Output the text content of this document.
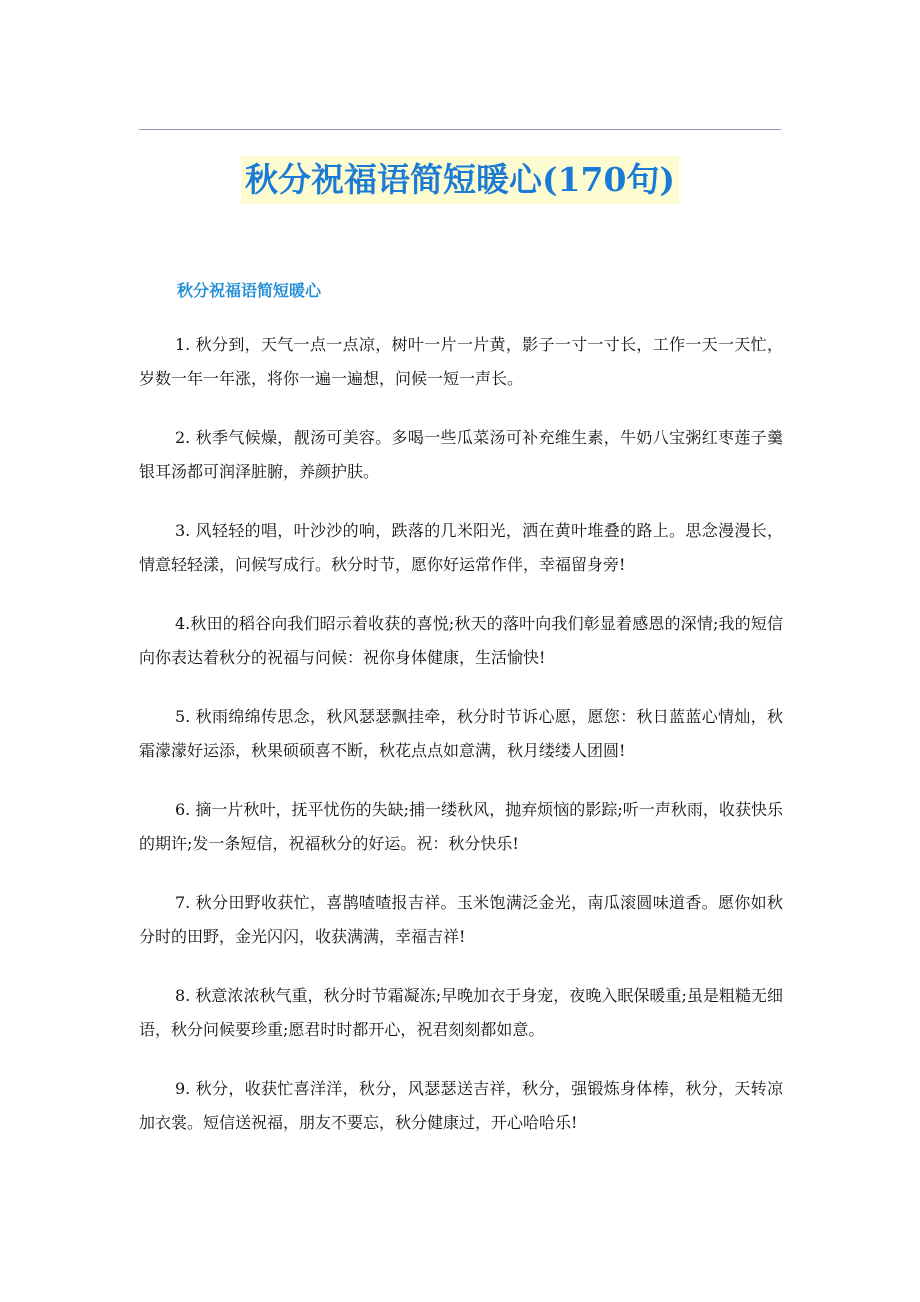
秋分祝福语简短暖心(170句)
秋分祝福语简短暖心

1. 秋分到，天气一点一点凉，树叶一片一片黄，影子一寸一寸长，工作一天一天忙，岁数一年一年涨，将你一遍一遍想，问候一短一声长。

2. 秋季气候燥，靓汤可美容。多喝一些瓜菜汤可补充维生素，牛奶八宝粥红枣莲子羹银耳汤都可润泽脏腑，养颜护肤。

3. 风轻轻的唱，叶沙沙的响，跌落的几米阳光，洒在黄叶堆叠的路上。思念漫漫长，情意轻轻漾，问候写成行。秋分时节，愿你好运常作伴，幸福留身旁!

4.秋田的稻谷向我们昭示着收获的喜悦;秋天的落叶向我们彰显着感恩的深情;我的短信向你表达着秋分的祝福与问候：祝你身体健康，生活愉快!

5. 秋雨绵绵传思念，秋风瑟瑟飘挂牵，秋分时节诉心愿，愿您：秋日蓝蓝心情灿，秋霜濛濛好运添，秋果硕硕喜不断，秋花点点如意满，秋月缕缕人团圆!

6. 摘一片秋叶，抚平忧伤的失缺;捕一缕秋风，抛弃烦恼的影踪;听一声秋雨，收获快乐的期许;发一条短信，祝福秋分的好运。祝：秋分快乐!

7. 秋分田野收获忙，喜鹊喳喳报吉祥。玉米饱满泛金光，南瓜滚圆味道香。愿你如秋分时的田野，金光闪闪，收获满满，幸福吉祥!

8. 秋意浓浓秋气重，秋分时节霜凝冻;早晚加衣于身宠，夜晚入眠保暖重;虽是粗糙无细语，秋分问候要珍重;愿君时时都开心，祝君刻刻都如意。

9. 秋分，收获忙喜洋洋，秋分，风瑟瑟送吉祥，秋分，强锻炼身体棒，秋分，天转凉加衣裳。短信送祝福，朋友不要忘，秋分健康过，开心哈哈乐!
